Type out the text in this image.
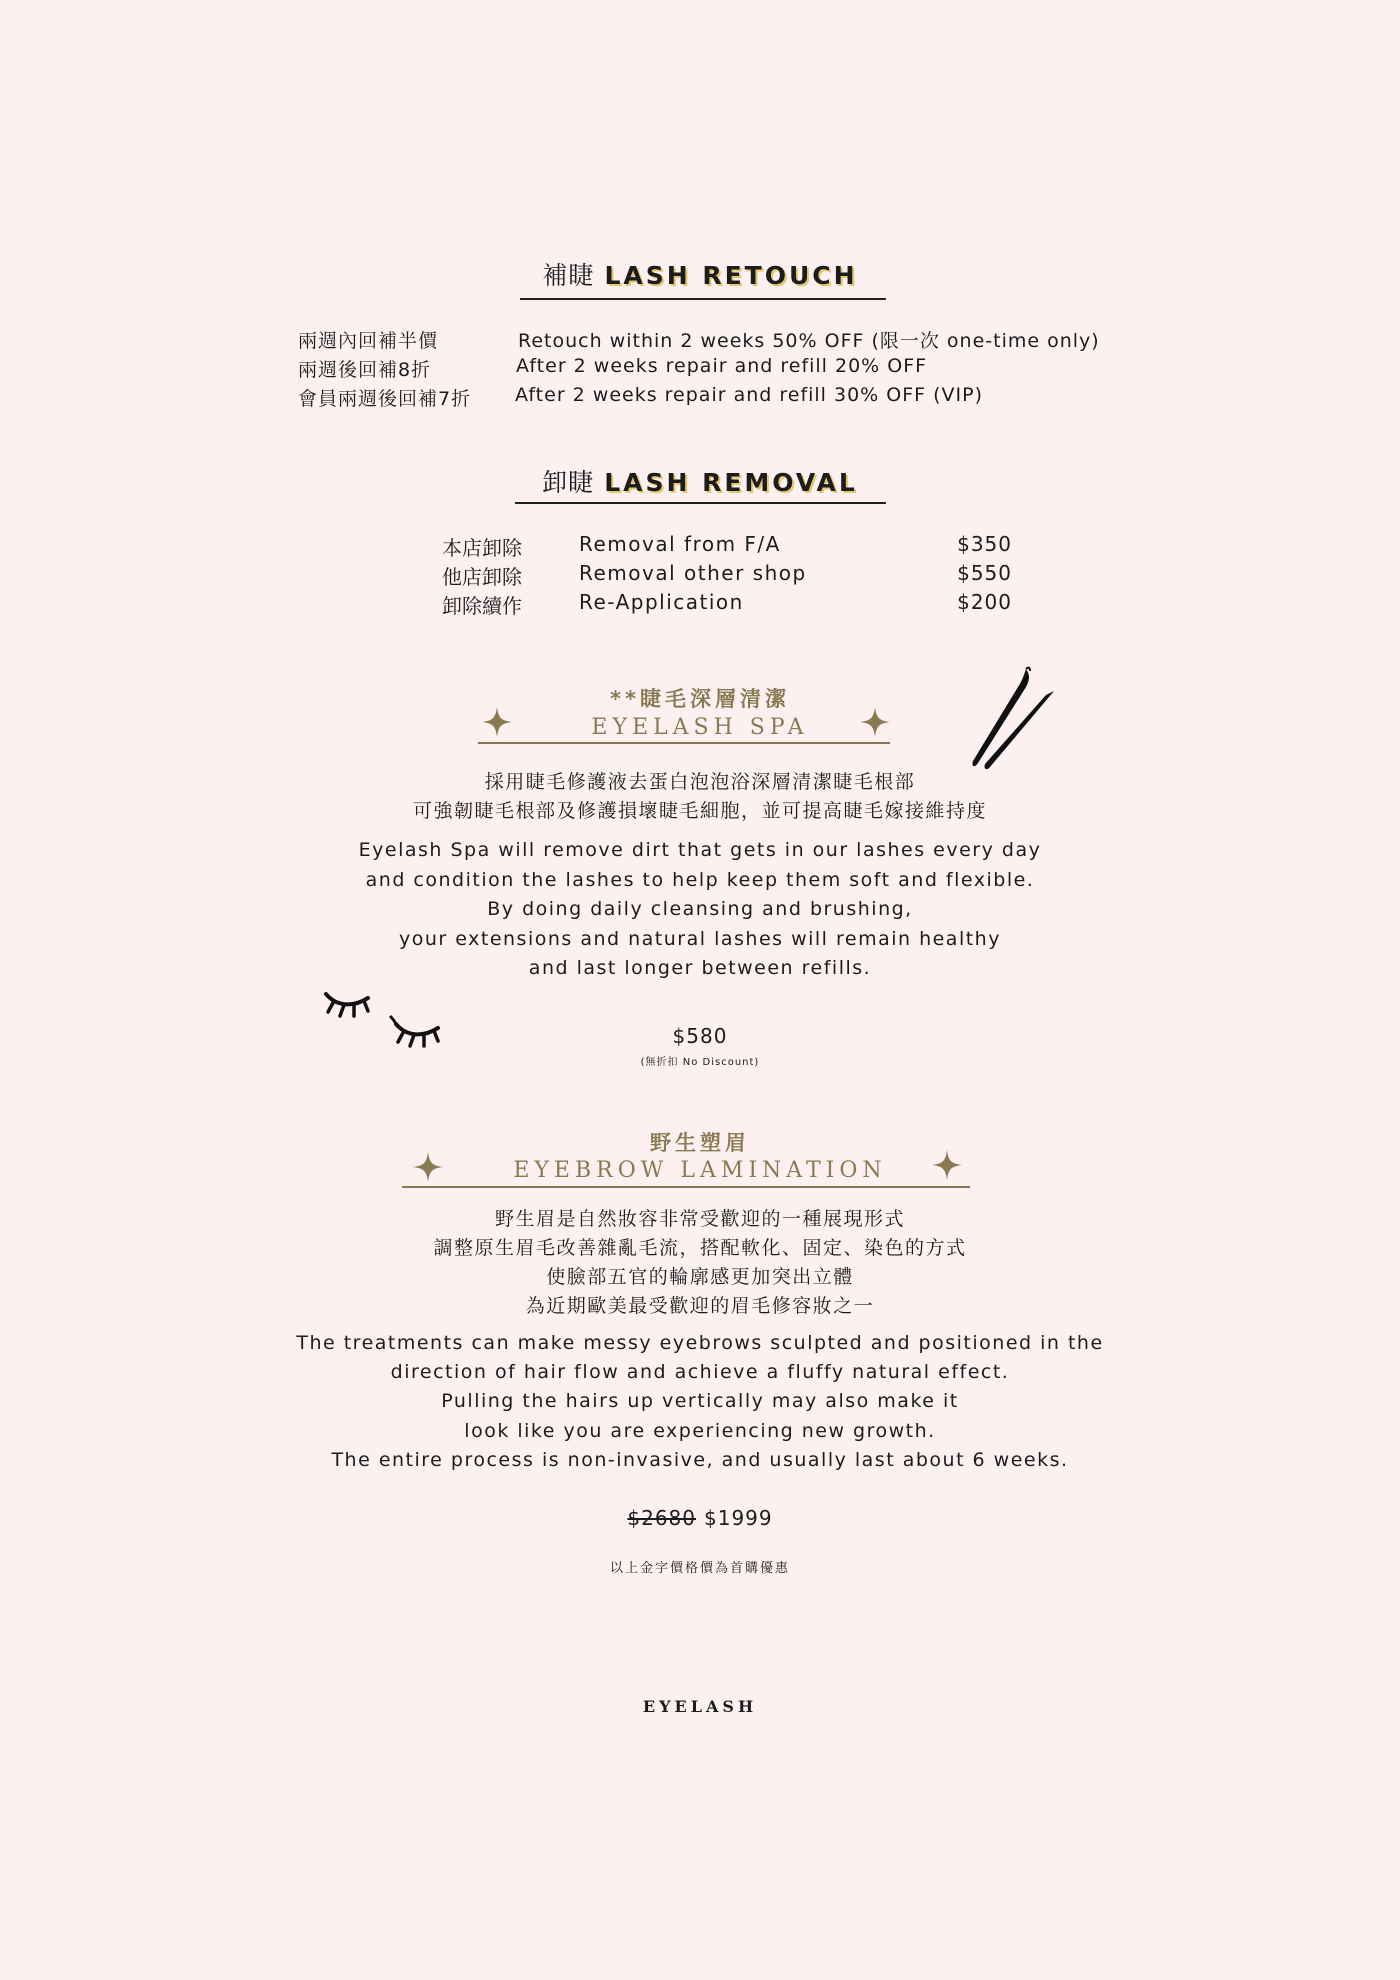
補睫 LASH RETOUCH
兩週內回補半價	Retouch within 2 weeks 50% OFF (限一次 one-time only)
兩週後回補8折	After 2 weeks repair and refill 20% OFF
會員兩週後回補7折 After 2 weeks repair and refill 30% OFF (VIP)
卸睫 LASH REMOVAL
本店卸除	Removal from F/A	$350
他店卸除	Removal other shop	$550
卸除續作	Re-Application	$200
**睫毛深層清潔
EYELASH SPA
採用睫毛修護液去蛋白泡泡浴深層清潔睫毛根部
可強韌睫毛根部及修護損壞睫毛細胞，並可提高睫毛嫁接維持度
Eyelash Spa will remove dirt that gets in our lashes every day
and condition the lashes to help keep them soft and flexible.
By doing daily cleansing and brushing,
your extensions and natural lashes will remain healthy
and last longer between refills.
$580
(無折扣 No Discount)
野生塑眉
EYEBROW LAMINATION
野生眉是自然妝容非常受歡迎的一種展現形式
調整原生眉毛改善雜亂毛流，搭配軟化、固定、染色的方式
使臉部五官的輪廓感更加突出立體
為近期歐美最受歡迎的眉毛修容妝之一
The treatments can make messy eyebrows sculpted and positioned in the
direction of hair flow and achieve a fluffy natural effect.
Pulling the hairs up vertically may also make it
look like you are experiencing new growth.
The entire process is non-invasive, and usually last about 6 weeks.
$2680 $1999
以上金字價格價為首購優惠
EYELASH
